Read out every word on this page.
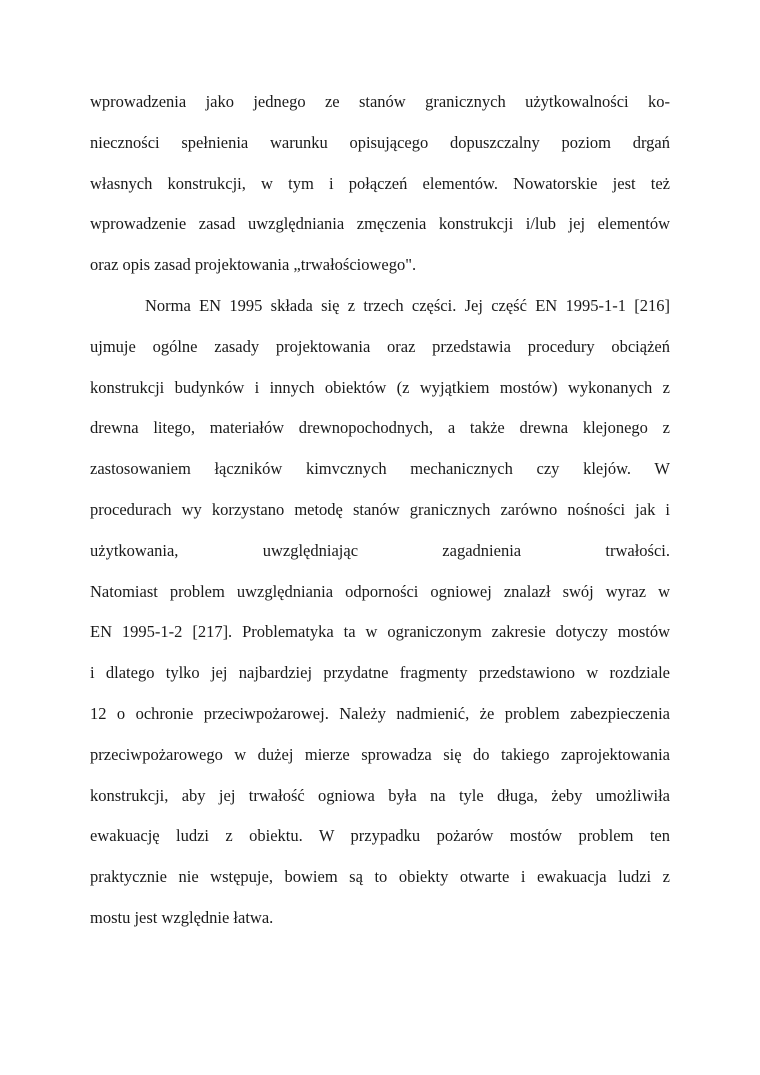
wprowadzenia jako jednego ze stanów granicznych użytkowalności ko-
nieczności spełnienia warunku opisującego dopuszczalny poziom drgań
własnych konstrukcji, w tym i połączeń elementów. Nowatorskie jest też
wprowadzenie zasad uwzględniania zmęczenia konstrukcji i/lub jej elementów
oraz opis zasad projektowania „trwałościowego".
Norma EN 1995 składa się z trzech części. Jej część EN 1995-1-1 [216]
ujmuje ogólne zasady projektowania oraz przedstawia procedury obciążeń
konstrukcji budynków i innych obiektów (z wyjątkiem mostów) wykonanych z
drewna litego, materiałów drewnopochodnych, a także drewna klejonego z
zastosowaniem łączników kimvcznych mechanicznych czy klejów. W
procedurach wy korzystano metodę stanów granicznych zarówno nośności jak i
użytkowania, uwzględniając zagadnienia trwałości.
Natomiast problem uwzględniania odporności ogniowej znalazł swój wyraz w
EN 1995-1-2 [217]. Problematyka ta w ograniczonym zakresie dotyczy mostów
i dlatego tylko jej najbardziej przydatne fragmenty przedstawiono w rozdziale
12 o ochronie przeciwpożarowej. Należy nadmienić, że problem zabezpieczenia
przeciwpożarowego w dużej mierze sprowadza się do takiego zaprojektowania
konstrukcji, aby jej trwałość ogniowa była na tyle długa, żeby umożliwiła
ewakuację ludzi z obiektu. W przypadku pożarów mostów problem ten
praktycznie nie wstępuje, bowiem są to obiekty otwarte i ewakuacja ludzi z
mostu jest względnie łatwa.
